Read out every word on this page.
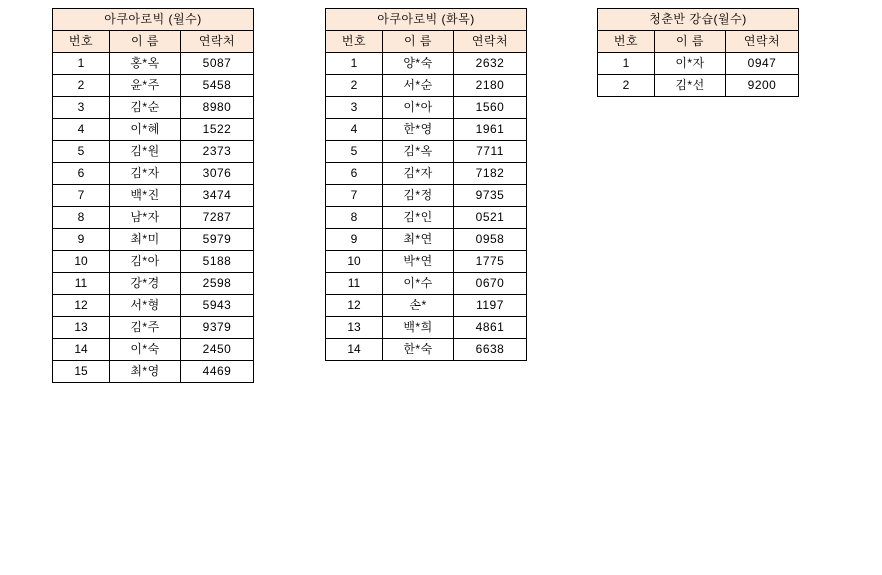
아쿠아로빅 (월수)		
번호	이 름	연락처
1	홍*옥	5087
2	윤*주	5458
3	김*순	8980
4	이*혜	1522
5	김*원	2373
6	김*자	3076
7	백*진	3474
8	남*자	7287
9	최*미	5979
10	김*아	5188
11	강*경	2598
12	서*형	5943
13	김*주	9379
14	이*숙	2450
15	최*영	4469
아쿠아로빅 (화목)		
번호	이 름	연락처
1	양*숙	2632
2	서*순	2180
3	이*아	1560
4	한*영	1961
5	김*옥	7711
6	김*자	7182
7	김*정	9735
8	김*인	0521
9	최*연	0958
10	박*연	1775
11	이*수	0670
12	손*	1197
13	백*희	4861
14	한*숙	6638
청춘반 강습(월수)		
번호	이 름	연락처
1	이*자	0947
2	김*선	9200
